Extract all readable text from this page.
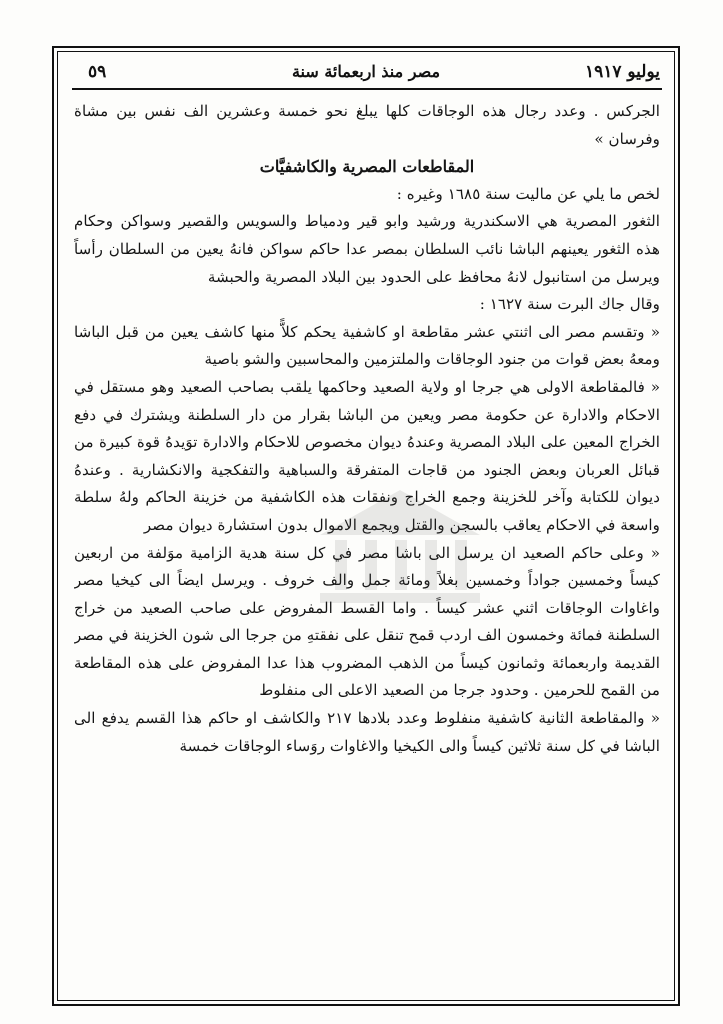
يوليو ١٩١٧
مصر منذ اربعمائة سنة
٥٩

الجركس . وعدد رجال هذه الوجاقات كلها يبلغ نحو خمسة وعشرين الف نفس بين مشاة وفرسان »

المقاطعات المصرية والكاشفيَّات

لخص ما يلي عن ماليت سنة ١٦٨٥ وغيره :

الثغور المصرية هي الاسكندرية ورشيد وابو قير ودمياط والسويس والقصير وسواكن وحكام هذه الثغور يعينهم الباشا نائب السلطان بمصر عدا حاكم سواكن فانهُ يعين من السلطان رأساً ويرسل من استانبول لانهُ محافظ على الحدود بين البلاد المصرية والحبشة

وقال جاك البرت سنة ١٦٢٧ :

« وتقسم مصر الى اثنتي عشر مقاطعة او كاشفية يحكم كلاًّ منها كاشف يعين من قبل الباشا ومعهُ بعض قوات من جنود الوجاقات والملتزمين والمحاسبين والشو باصية

« فالمقاطعة الاولى هي جرجا او ولاية الصعيد وحاكمها يلقب بصاحب الصعيد وهو مستقل في الاحكام والادارة عن حكومة مصر ويعين من الباشا بقرار من دار السلطنة ويشترك في دفع الخراج المعين على البلاد المصرية وعندهُ ديوان مخصوص للاحكام والادارة توَيدهُ قوة كبيرة من قبائل العربان وبعض الجنود من قاجات المتفرقة والسباهية والتفكجية والانكشارية . وعندهُ ديوان للكتابة وآخر للخزينة وجمع الخراج ونفقات هذه الكاشفية من خزينة الحاكم ولهُ سلطة واسعة في الاحكام يعاقب بالسجن والقتل ويجمع الاموال بدون استشارة ديوان مصر

« وعلى حاكم الصعيد ان يرسل الى باشا مصر في كل سنة هدية الزامية موَلفة من اربعين كيساً وخمسين جواداً وخمسين بغلاً ومائة جمل والف خروف . ويرسل ايضاً الى كيخيا مصر واغاوات الوجاقات اثني عشر كيساً . واما القسط المفروض على صاحب الصعيد من خراج السلطنة فمائة وخمسون الف اردب قمح تنقل على نفقتهِ من جرجا الى شون الخزينة في مصر القديمة واربعمائة وثمانون كيساً من الذهب المضروب هذا عدا المفروض على هذه المقاطعة من القمح للحرمين . وحدود جرجا من الصعيد الاعلى الى منفلوط

« والمقاطعة الثانية كاشفية منفلوط وعدد بلادها ٢١٧ والكاشف او حاكم هذا القسم يدفع الى الباشا في كل سنة ثلاثين كيساً والى الكيخيا والاغاوات روَساء الوجاقات خمسة
